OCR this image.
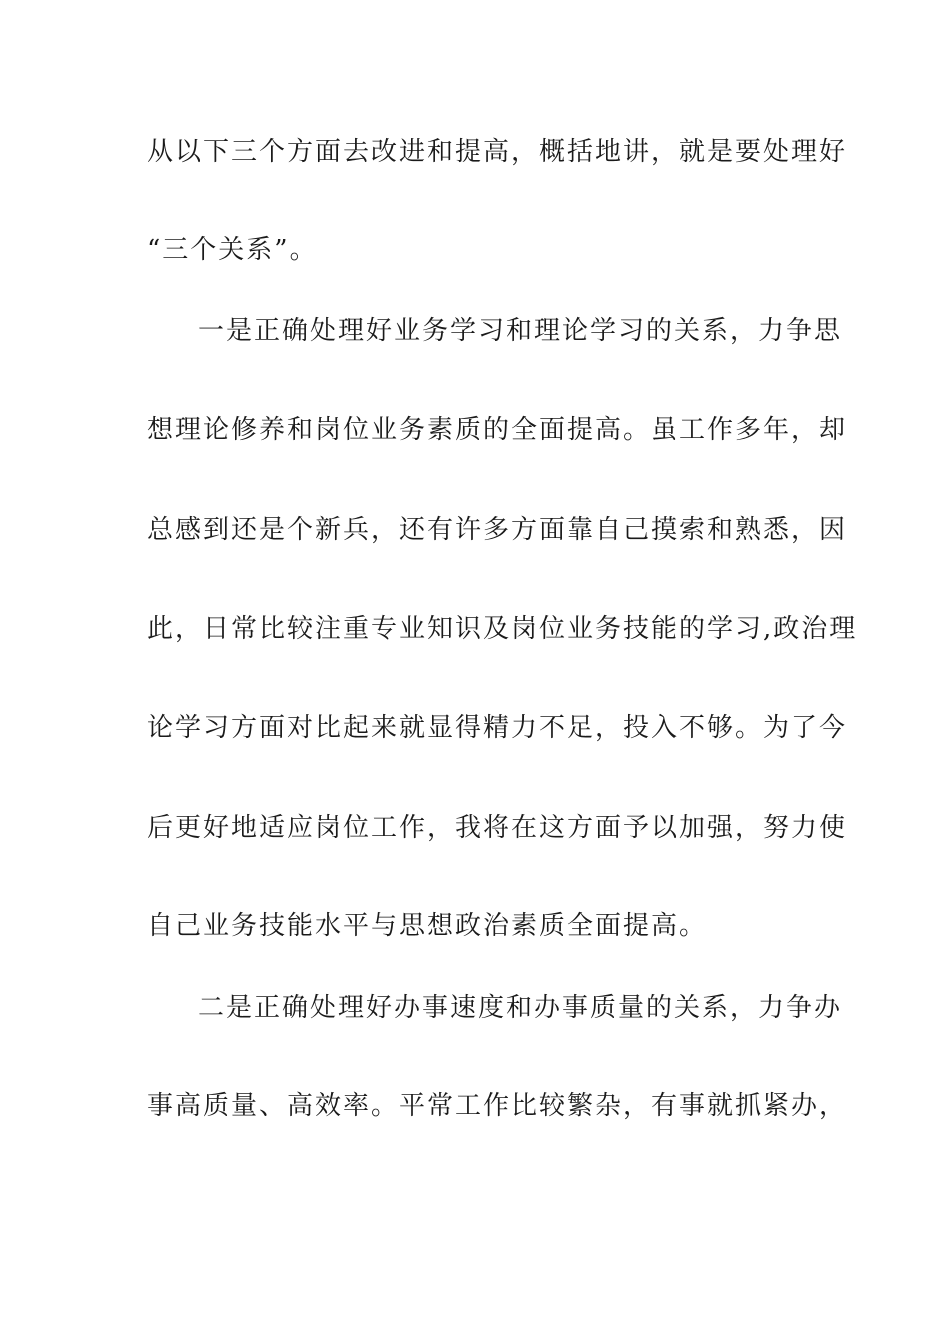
从以下三个方面去改进和提高，概括地讲，就是要处理好
“三个关系”。
一是正确处理好业务学习和理论学习的关系，力争思
想理论修养和岗位业务素质的全面提高。虽工作多年，却
总感到还是个新兵，还有许多方面靠自己摸索和熟悉，因
此，日常比较注重专业知识及岗位业务技能的学习,政治理
论学习方面对比起来就显得精力不足，投入不够。为了今
后更好地适应岗位工作，我将在这方面予以加强，努力使
自己业务技能水平与思想政治素质全面提高。
二是正确处理好办事速度和办事质量的关系，力争办
事高质量、高效率。平常工作比较繁杂，有事就抓紧办，
